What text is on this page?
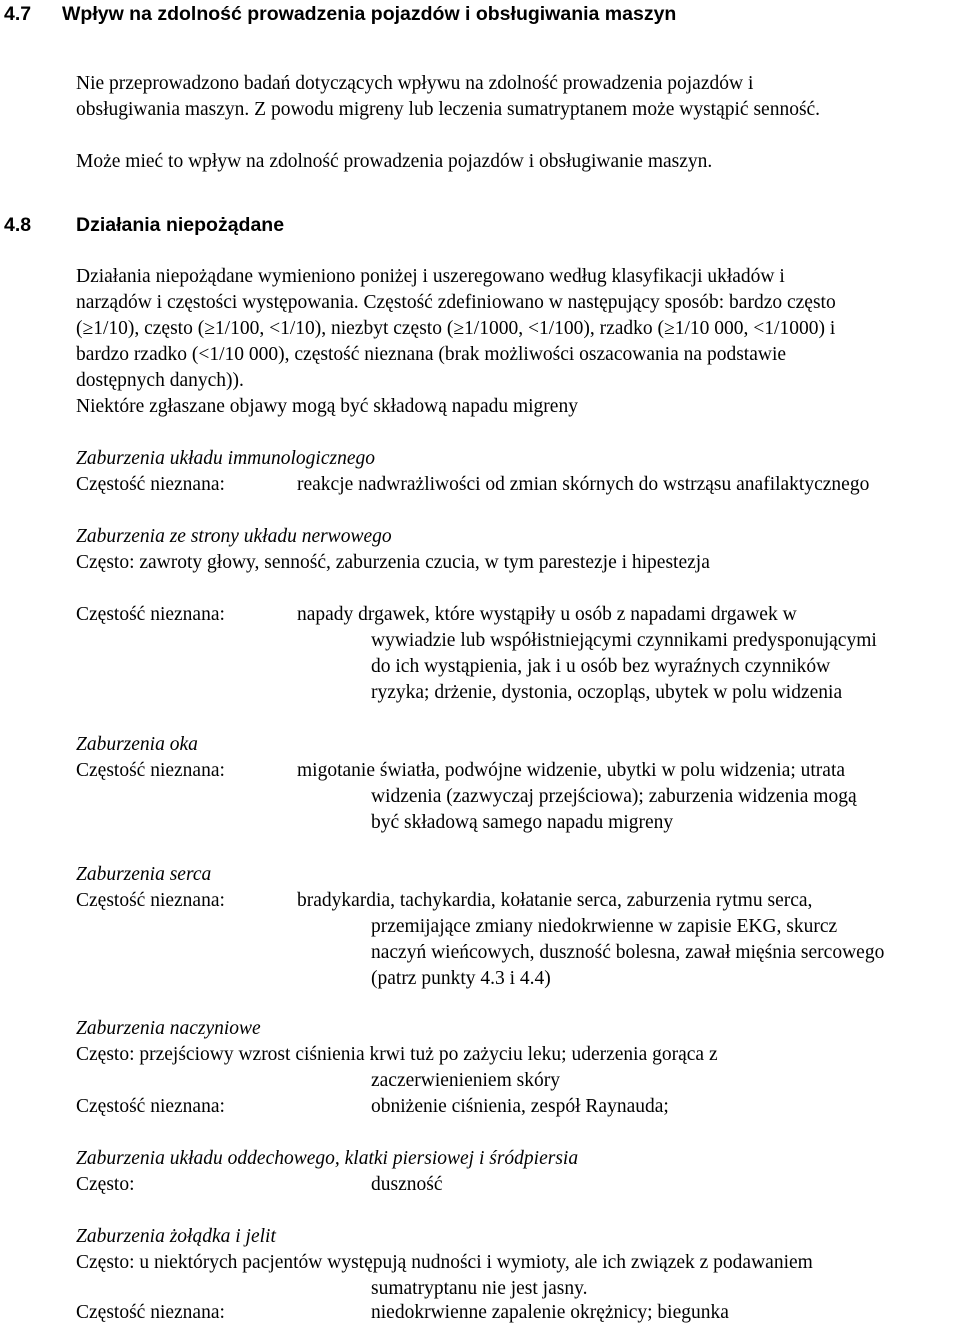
4.7 Wpływ na zdolność prowadzenia pojazdów i obsługiwania maszyn
Nie przeprowadzono badań dotyczących wpływu na zdolność prowadzenia pojazdów i
obsługiwania maszyn. Z powodu migreny lub leczenia sumatryptanem może wystąpić senność.
Może mieć to wpływ na zdolność prowadzenia pojazdów i obsługiwanie maszyn.
4.8 Działania niepożądane
Działania niepożądane wymieniono poniżej i uszeregowano według klasyfikacji układów i
narządów i częstości występowania. Częstość zdefiniowano w następujący sposób: bardzo często
(≥1/10), często (≥1/100, <1/10), niezbyt często (≥1/1000, <1/100), rzadko (≥1/10 000, <1/1000) i
bardzo rzadko (<1/10 000), częstość nieznana (brak możliwości oszacowania na podstawie
dostępnych danych)).
Niektóre zgłaszane objawy mogą być składową napadu migreny
Zaburzenia układu immunologicznego
Częstość nieznana:	reakcje nadwrażliwości od zmian skórnych do wstrząsu anafilaktycznego
Zaburzenia ze strony układu nerwowego
Często: zawroty głowy, senność, zaburzenia czucia, w tym parestezje i hipestezja
Częstość nieznana:	napady drgawek, które wystąpiły u osób z napadami drgawek w
wywiadzie lub współistniejącymi czynnikami predysponującymi
do ich wystąpienia, jak i u osób bez wyraźnych czynników
ryzyka; drżenie, dystonia, oczopląs, ubytek w polu widzenia
Zaburzenia oka
Częstość nieznana:	migotanie światła, podwójne widzenie, ubytki w polu widzenia; utrata
widzenia (zazwyczaj przejściowa); zaburzenia widzenia mogą
być składową samego napadu migreny
Zaburzenia serca
Częstość nieznana:	bradykardia, tachykardia, kołatanie serca, zaburzenia rytmu serca,
przemijające zmiany niedokrwienne w zapisie EKG, skurcz
naczyń wieńcowych, duszność bolesna, zawał mięśnia sercowego
(patrz punkty 4.3 i 4.4)
Zaburzenia naczyniowe
Często: przejściowy wzrost ciśnienia krwi tuż po zażyciu leku; uderzenia gorąca z
zaczerwienieniem skóry
Częstość nieznana:	obniżenie ciśnienia, zespół Raynauda;
Zaburzenia układu oddechowego, klatki piersiowej i śródpiersia
Często:	duszność
Zaburzenia żołądka i jelit
Często: u niektórych pacjentów występują nudności i wymioty, ale ich związek z podawaniem
sumatryptanu nie jest jasny.
Częstość nieznana:	niedokrwienne zapalenie okrężnicy; biegunka
